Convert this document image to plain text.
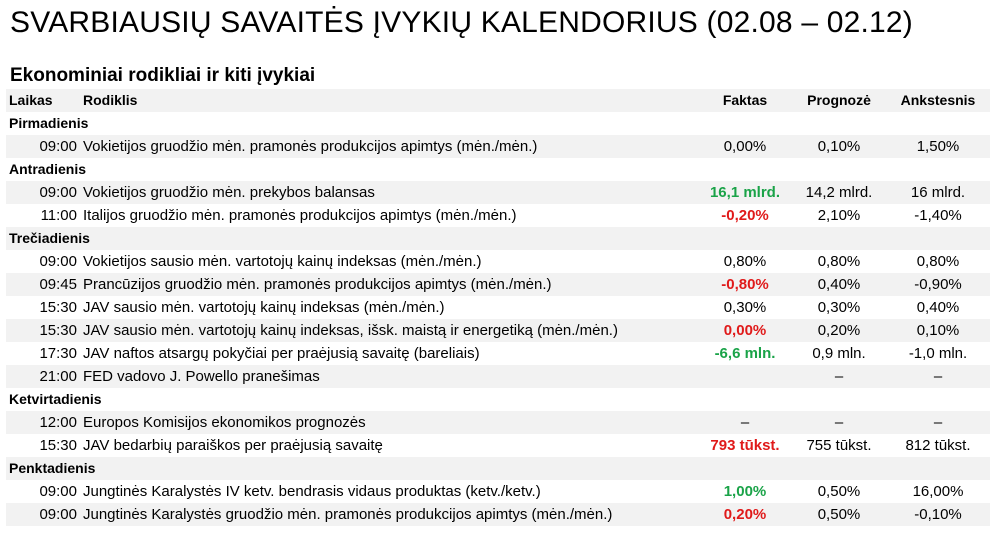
SVARBIAUSIŲ SAVAITĖS ĮVYKIŲ KALENDORIUS (02.08 – 02.12)
Ekonominiai rodikliai ir kiti įvykiai
Laikas	Rodiklis	Faktas	Prognozė	Ankstesnis
Pirmadienis				
09:00	Vokietijos gruodžio mėn. pramonės produkcijos apimtys (mėn./mėn.)	0,00%	0,10%	1,50%
Antradienis				
09:00	Vokietijos gruodžio mėn. prekybos balansas	16,1 mlrd.	14,2 mlrd.	16 mlrd.
11:00	Italijos gruodžio mėn. pramonės produkcijos apimtys (mėn./mėn.)	-0,20%	2,10%	-1,40%
Trečiadienis				
09:00	Vokietijos sausio mėn. vartotojų kainų indeksas (mėn./mėn.)	0,80%	0,80%	0,80%
09:45	Prancūzijos gruodžio mėn. pramonės produkcijos apimtys (mėn./mėn.)	-0,80%	0,40%	-0,90%
15:30	JAV sausio mėn. vartotojų kainų indeksas (mėn./mėn.)	0,30%	0,30%	0,40%
15:30	JAV sausio mėn. vartotojų kainų indeksas, išsk. maistą ir energetiką (mėn./mėn.)	0,00%	0,20%	0,10%
17:30	JAV naftos atsargų pokyčiai per praėjusią savaitę (bareliais)	-6,6 mln.	0,9 mln.	-1,0 mln.
21:00	FED vadovo J. Powello pranešimas		–	–
Ketvirtadienis				
12:00	Europos Komisijos ekonomikos prognozės	–	–	–
15:30	JAV bedarbių paraiškos per praėjusią savaitę	793 tūkst.	755 tūkst.	812 tūkst.
Penktadienis				
09:00	Jungtinės Karalystės IV ketv. bendrasis vidaus produktas (ketv./ketv.)	1,00%	0,50%	16,00%
09:00	Jungtinės Karalystės gruodžio mėn. pramonės produkcijos apimtys (mėn./mėn.)	0,20%	0,50%	-0,10%
